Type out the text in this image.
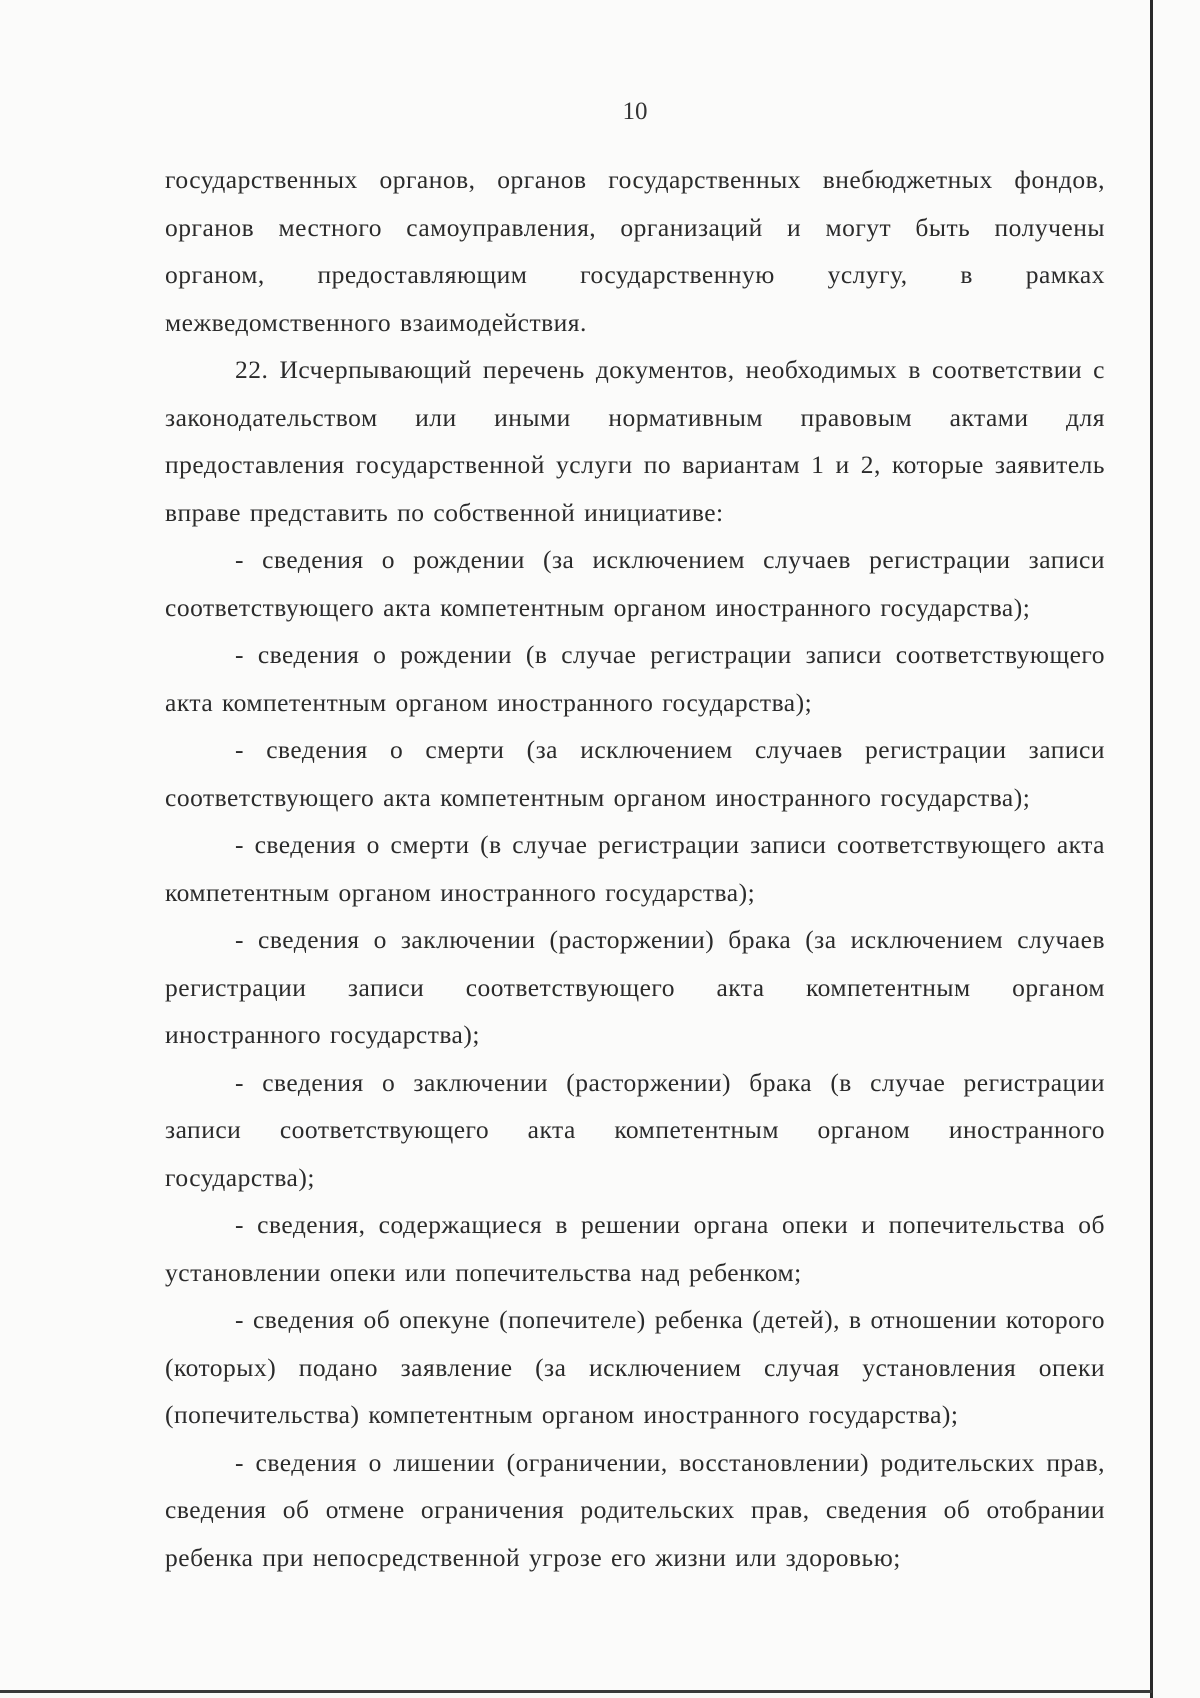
10

государственных органов, органов государственных внебюджетных фондов, органов местного самоуправления, организаций и могут быть получены органом, предоставляющим государственную услугу, в рамках межведомственного взаимодействия.

22. Исчерпывающий перечень документов, необходимых в соответствии с законодательством или иными нормативным правовым актами для предоставления государственной услуги по вариантам 1 и 2, которые заявитель вправе представить по собственной инициативе:

- сведения о рождении (за исключением случаев регистрации записи соответствующего акта компетентным органом иностранного государства);

- сведения о рождении (в случае регистрации записи соответствующего акта компетентным органом иностранного государства);

- сведения о смерти (за исключением случаев регистрации записи соответствующего акта компетентным органом иностранного государства);

- сведения о смерти (в случае регистрации записи соответствующего акта компетентным органом иностранного государства);

- сведения о заключении (расторжении) брака (за исключением случаев регистрации записи соответствующего акта компетентным органом иностранного государства);

- сведения о заключении (расторжении) брака (в случае регистрации записи соответствующего акта компетентным органом иностранного государства);

- сведения, содержащиеся в решении органа опеки и попечительства об установлении опеки или попечительства над ребенком;

- сведения об опекуне (попечителе) ребенка (детей), в отношении которого (которых) подано заявление (за исключением случая установления опеки (попечительства) компетентным органом иностранного государства);

- сведения о лишении (ограничении, восстановлении) родительских прав, сведения об отмене ограничения родительских прав, сведения об отобрании ребенка при непосредственной угрозе его жизни или здоровью;
